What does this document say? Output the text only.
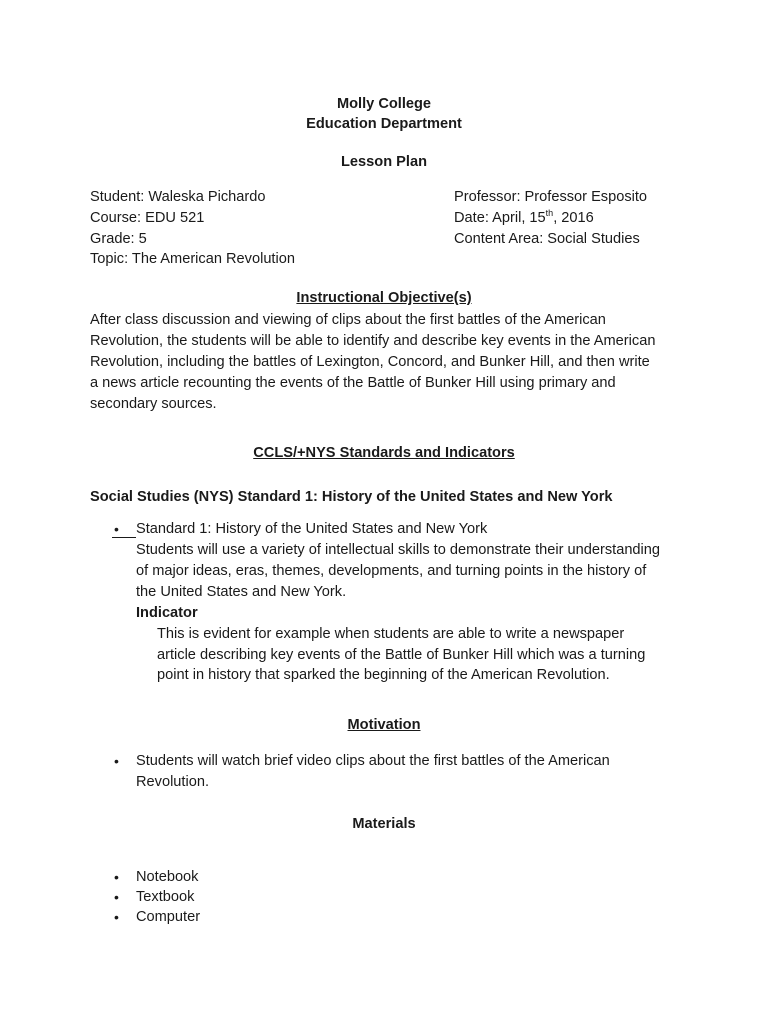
Molly College
Education Department
Lesson Plan
Student: Waleska Pichardo
Course: EDU 521
Grade: 5
Topic: The American Revolution
Professor: Professor Esposito
Date: April, 15th, 2016
Content Area: Social Studies
Instructional Objective(s)
After class discussion and viewing of clips about the first battles of the American
Revolution, the students will be able to identify and describe key events in the American
Revolution, including the battles of Lexington, Concord, and Bunker Hill, and then write
a news article recounting the events of the Battle of Bunker Hill using primary and
secondary sources.
CCLS/+NYS Standards and Indicators
Social Studies (NYS) Standard 1: History of the United States and New York
•
Standard 1: History of the United States and New York
Students will use a variety of intellectual skills to demonstrate their understanding
of major ideas, eras, themes, developments, and turning points in the history of
the United States and New York.
Indicator
This is evident for example when students are able to write a newspaper
article describing key events of the Battle of Bunker Hill which was a turning
point in history that sparked the beginning of the American Revolution.
Motivation
•
Students will watch brief video clips about the first battles of the American
Revolution.
Materials
•
Notebook
•
Textbook
•
Computer
